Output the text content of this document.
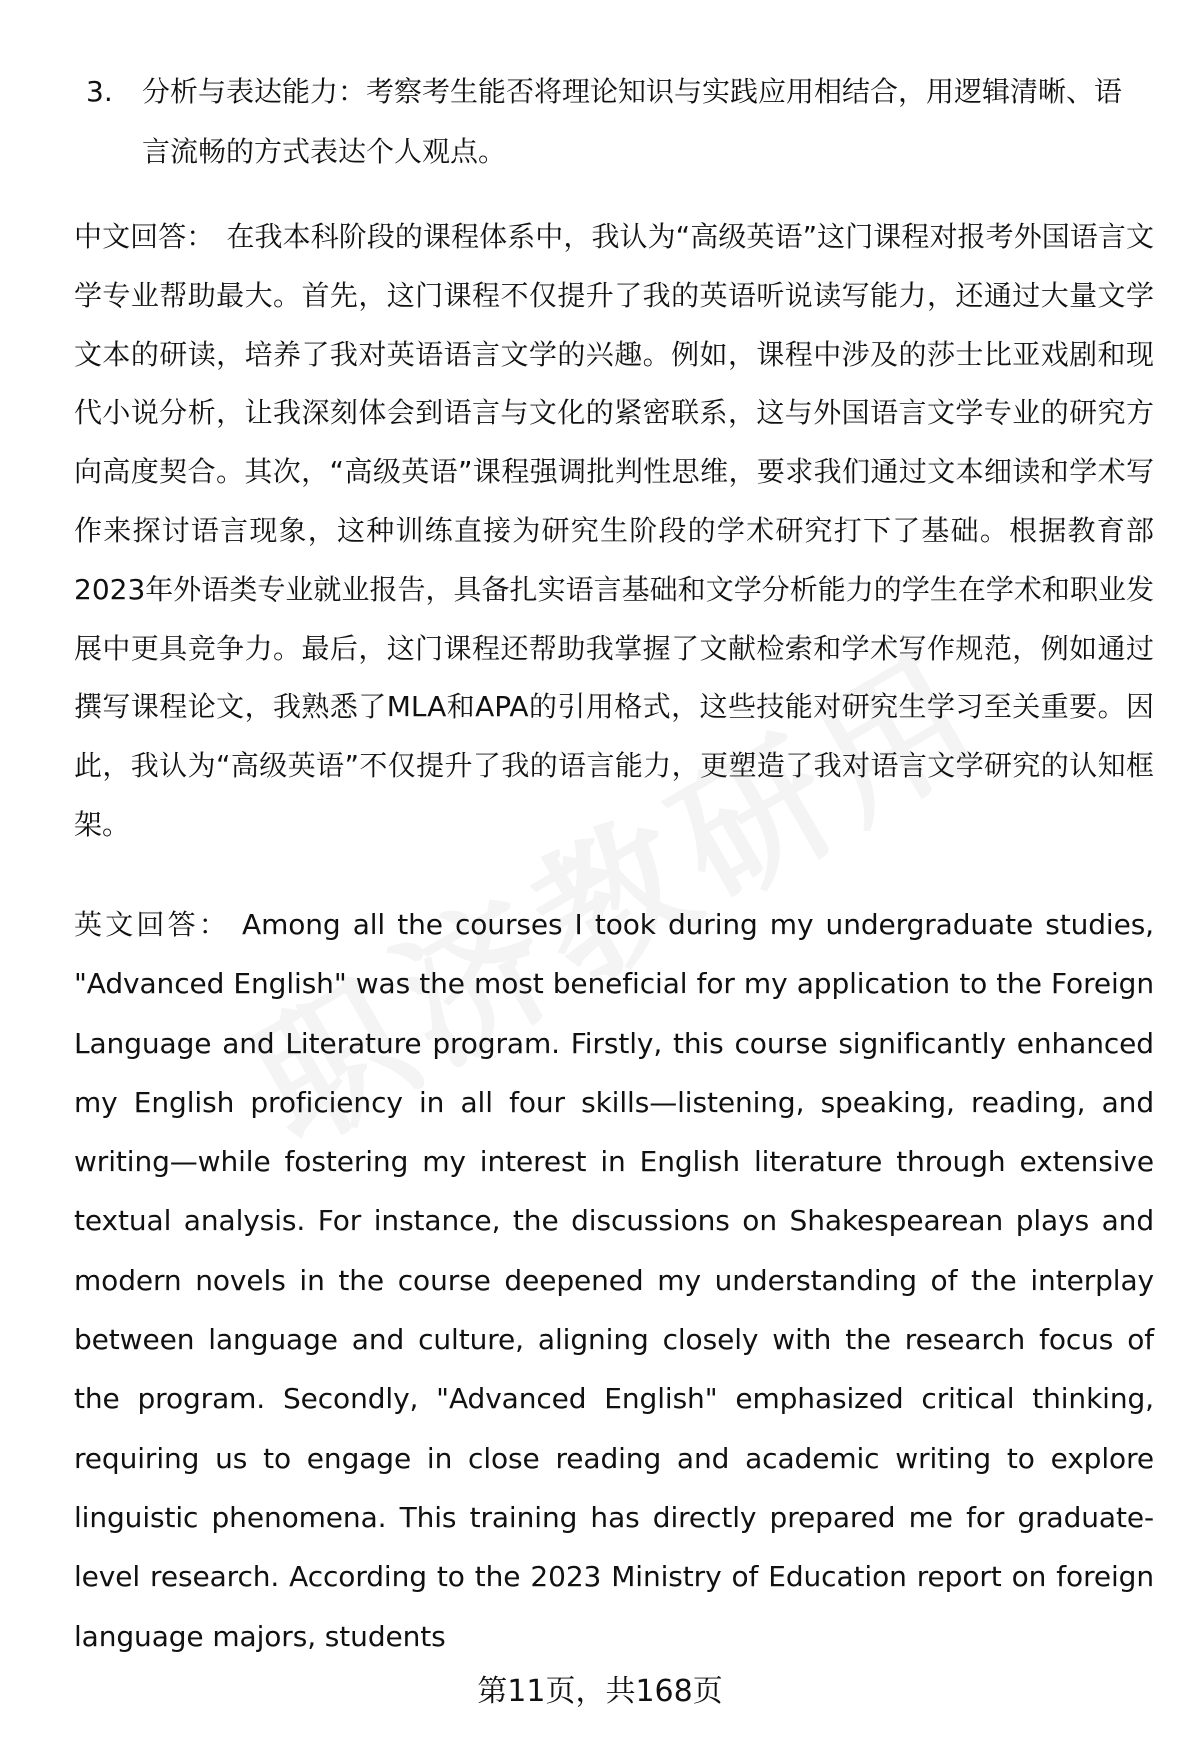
3.	分析与表达能力：考察考生能否将理论知识与实践应用相结合，用逻辑清晰、语言流畅的方式表达个人观点。
中文回答： 在我本科阶段的课程体系中，我认为“高级英语”这门课程对报考外国语言文学专业帮助最大。首先，这门课程不仅提升了我的英语听说读写能力，还通过大量文学文本的研读，培养了我对英语语言文学的兴趣。例如，课程中涉及的莎士比亚戏剧和现代小说分析，让我深刻体会到语言与文化的紧密联系，这与外国语言文学专业的研究方向高度契合。其次，“高级英语”课程强调批判性思维，要求我们通过文本细读和学术写作来探讨语言现象，这种训练直接为研究生阶段的学术研究打下了基础。根据教育部2023年外语类专业就业报告，具备扎实语言基础和文学分析能力的学生在学术和职业发展中更具竞争力。最后，这门课程还帮助我掌握了文献检索和学术写作规范，例如通过撰写课程论文，我熟悉了MLA和APA的引用格式，这些技能对研究生学习至关重要。因此，我认为“高级英语”不仅提升了我的语言能力，更塑造了我对语言文学研究的认知框架。
英文回答： Among all the courses I took during my undergraduate studies, "Advanced English" was the most beneficial for my application to the Foreign Language and Literature program. Firstly, this course significantly enhanced my English proficiency in all four skills—listening, speaking, reading, and writing—while fostering my interest in English literature through extensive textual analysis. For instance, the discussions on Shakespearean plays and modern novels in the course deepened my understanding of the interplay between language and culture, aligning closely with the research focus of the program. Secondly, "Advanced English" emphasized critical thinking, requiring us to engage in close reading and academic writing to explore linguistic phenomena. This training has directly prepared me for graduate-level research. According to the 2023 Ministry of Education report on foreign language majors, students
第11页，共168页
